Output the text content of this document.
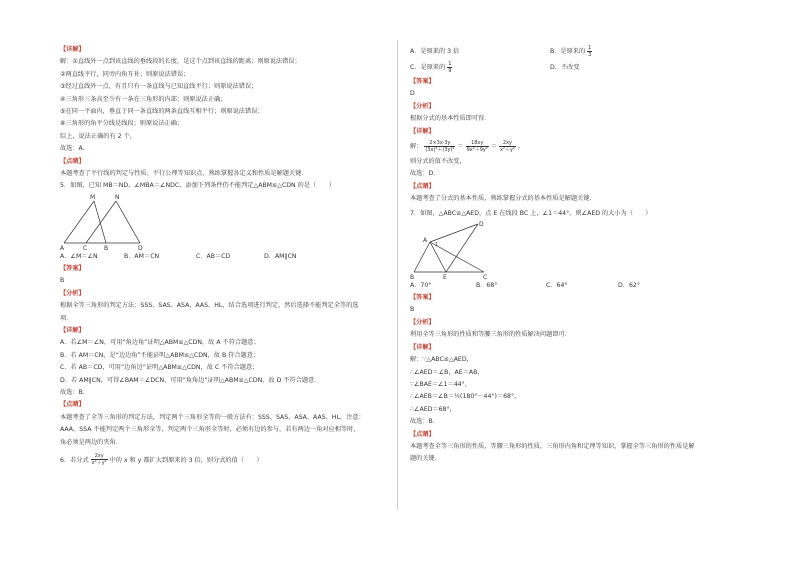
【详解】
解：①直线外一点到该直线的垂线段的长度，是这个点到该直线的距离；则原说法错误；
②两直线平行，同旁内角互补；则原说法错误；
③经过直线外一点，有且只有一条直线与已知直线平行；则原说法错误；
④三角形三条高至少有一条在三角形的内部；则原说法正确；
⑤在同一平面内，垂直于同一条直线的两条直线互相平行；则原说法错误；
⑥三角形的角平分线是线段；则原说法正确；
综上，说法正确的有 2 个，
故选：A．
【点睛】
本题考查了平行线的判定与性质、平行公理等知识点，熟练掌握各定义和性质是解题关键．
5．如图，已知 MB＝ND，∠MBA＝∠NDC，添加下列条件仍不能判定△ABM≌△CDN 的是（　　）
M	N
A	C	B	D
A．∠M＝∠N	B．AM＝CN	C．AB＝CD	D．AM∥CN
【答案】
B
【分析】
根据全等三角形的判定方法：SSS、SAS、ASA、AAS、HL，结合选项进行判定，然后选择不能判定全等的选
项．
【详解】
A．若∠M＝∠N，可用“角边角”证明△ABM≌△CDN，故 A 不符合题意；
B．若 AM＝CN，是“边边角”不能证明△ABM≌△CDN，故 B 符合题意；
C．若 AB＝CD，可用“边角边”证明△ABM≌△CDN，故 C 不符合题意；
D．若 AM∥CN，可得∠BAM＝∠DCN，可用“角角边”证明△ABM≌△CDN，故 D 不符合题意．
故选：B．
【点睛】
本题考查了全等三角形的判定方法，判定两个三角形全等的一般方法有：SSS、SAS、ASA、AAS、HL，注意：
AAA、SSA 不能判定两个三角形全等，判定两个三角形全等时，必须有边的参与，若有两边一角对应相等时，
角必须是两边的夹角．
6．若分式 $\frac{2xy}{\text{x²＋y²}}$ 中的 x 和 y 都扩大到原来的 3 倍，则分式的值（　　）
A．是原来的 3 倍	B．是原来的 $\frac{1}{3}$
C．是原来的 $\frac{1}{9}$	D．不改变
【答案】
D
【分析】
根据分式的基本性质即可得．
【详解】
解： $\frac{2\times 3x\cdot 3y}{\text{(3x)²＋(3y)²}} = \frac{18xy}{\text{9x²＋9y²}} = \frac{2xy}{\text{x²＋y²}}$ ，
则分式的值不改变，
故选：D．
【点睛】
本题考查了分式的基本性质，熟练掌握分式的基本性质是解题关键．
7．如图，△ABC≌△AED，点 E 在线段 BC 上，∠1＝44°，则∠AED 的大小为（　　）
D
A
1
B	E	C
A．70°	B．68°	C．64°	D．62°
【答案】
B
【分析】
利用全等三角形的性质和等腰三角形的性质解决问题即可．
【详解】
解：∵△ABC≌△AED，
∴∠AED＝∠B，AE＝AB，
∵∠BAE＝∠1＝44°，
∴∠AEB＝∠B＝½(180°－44°)＝68°，
∴∠AED＝68°，
故选：B．
【点睛】
本题考查全等三角形的性质，等腰三角形的性质，三角形内角和定理等知识，掌握全等三角形的性质是解
题的关键．
